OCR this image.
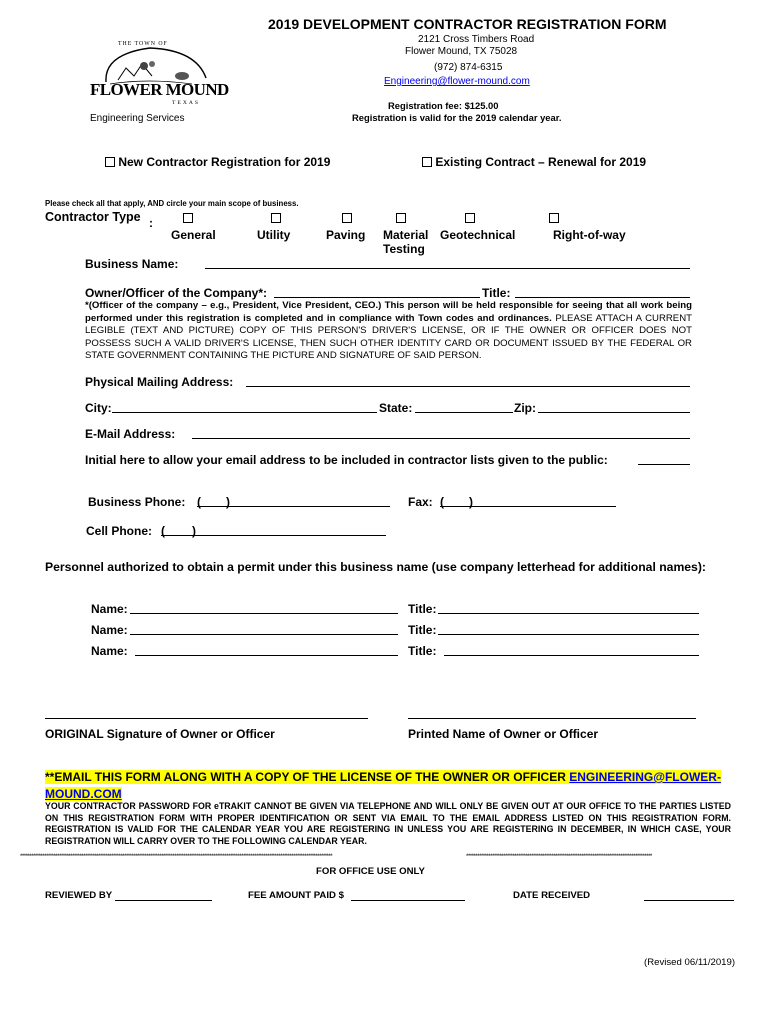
2019 DEVELOPMENT CONTRACTOR REGISTRATION FORM
2121 Cross Timbers Road
Flower Mound, TX 75028
(972) 874-6315
Engineering@flower-mound.com
Registration fee: $125.00
Registration is valid for the 2019 calendar year.
Engineering Services
THE TOWN OF
FLOWER MOUND
TEXAS
New Contractor Registration for 2019	Existing Contract – Renewal for 2019
Please check all that apply, AND circle your main scope of business.
Contractor Type :
General	Utility	Paving Material Testing
Geotechnical	Right-of-way
Business Name:
Owner/Officer of the Company*:	Title:
*(Officer of the company – e.g., President, Vice President, CEO.) This person will be held responsible for seeing that all work being performed under this registration is completed and in compliance with Town codes and ordinances. PLEASE ATTACH A CURRENT LEGIBLE (TEXT AND PICTURE) COPY OF THIS PERSON'S DRIVER'S LICENSE, OR IF THE OWNER OR OFFICER DOES NOT POSSESS SUCH A VALID DRIVER'S LICENSE, THEN SUCH OTHER IDENTITY CARD OR DOCUMENT ISSUED BY THE FEDERAL OR STATE GOVERNMENT CONTAINING THE PICTURE AND SIGNATURE OF SAID PERSON.
Physical Mailing Address:
City:	State:	Zip:
E-Mail Address:
Initial here to allow your email address to be included in contractor lists given to the public:
Business Phone: ( )	Fax: ( )
Cell Phone: ( )
Personnel authorized to obtain a permit under this business name (use company letterhead for additional names):
Name:	Title:
Name:	Title:
Name:	Title:
ORIGINAL Signature of Owner or Officer	Printed Name of Owner or Officer
**EMAIL THIS FORM ALONG WITH A COPY OF THE LICENSE OF THE OWNER OR OFFICER ENGINEERING@FLOWER-
MOUND.COM
YOUR CONTRACTOR PASSWORD FOR eTRAKIT CANNOT BE GIVEN VIA TELEPHONE AND WILL ONLY BE GIVEN OUT AT OUR OFFICE TO THE PARTIES LISTED ON THIS REGISTRATION FORM WITH PROPER IDENTIFICATION OR SENT VIA EMAIL TO THE EMAIL ADDRESS LISTED ON THIS REGISTRATION FORM. REGISTRATION IS VALID FOR THE CALENDAR YEAR YOU ARE REGISTERING IN UNLESS YOU ARE REGISTERING IN DECEMBER, IN WHICH CASE, YOUR REGISTRATION WILL CARRY OVER TO THE FOLLOWING CALENDAR YEAR.
************************************************************************************************************************************************************************	****************************************************************************************************
FOR OFFICE USE ONLY
REVIEWED BY	FEE AMOUNT PAID $	DATE RECEIVED
(Revised 06/11/2019)
